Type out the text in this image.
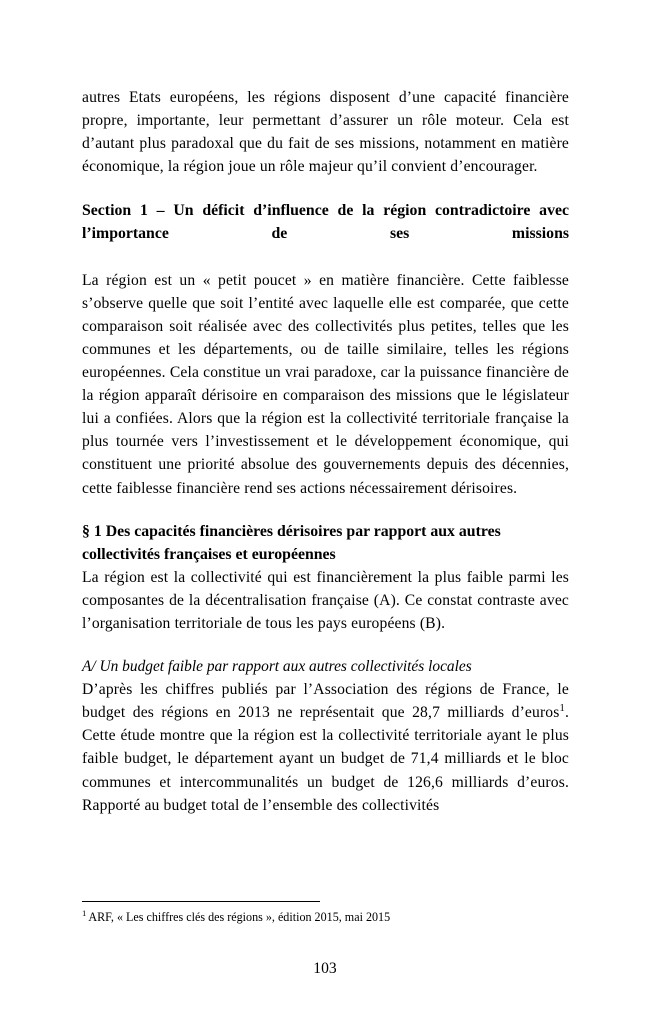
autres Etats européens, les régions disposent d’une capacité financière propre, importante, leur permettant d’assurer un rôle moteur. Cela est d’autant plus paradoxal que du fait de ses missions, notamment en matière économique, la région joue un rôle majeur qu’il convient d’encourager.

Section 1 – Un déficit d’influence de la région contradictoire avec l’importance de ses missions

La région est un « petit poucet » en matière financière. Cette faiblesse s’observe quelle que soit l’entité avec laquelle elle est comparée, que cette comparaison soit réalisée avec des collectivités plus petites, telles que les communes et les départements, ou de taille similaire, telles les régions européennes. Cela constitue un vrai paradoxe, car la puissance financière de la région apparaît dérisoire en comparaison des missions que le législateur lui a confiées. Alors que la région est la collectivité territoriale française la plus tournée vers l’investissement et le développement économique, qui constituent une priorité absolue des gouvernements depuis des décennies, cette faiblesse financière rend ses actions nécessairement dérisoires.

§ 1 Des capacités financières dérisoires par rapport aux autres collectivités françaises et européennes

La région est la collectivité qui est financièrement la plus faible parmi les composantes de la décentralisation française (A). Ce constat contraste avec l’organisation territoriale de tous les pays européens (B).

A/ Un budget faible par rapport aux autres collectivités locales

D’après les chiffres publiés par l’Association des régions de France, le budget des régions en 2013 ne représentait que 28,7 milliards d’euros$^1$. Cette étude montre que la région est la collectivité territoriale ayant le plus faible budget, le département ayant un budget de 71,4 milliards et le bloc communes et intercommunalités un budget de 126,6 milliards d’euros. Rapporté au budget total de l’ensemble des collectivités

$^1$ ARF, « Les chiffres clés des régions », édition 2015, mai 2015

103
